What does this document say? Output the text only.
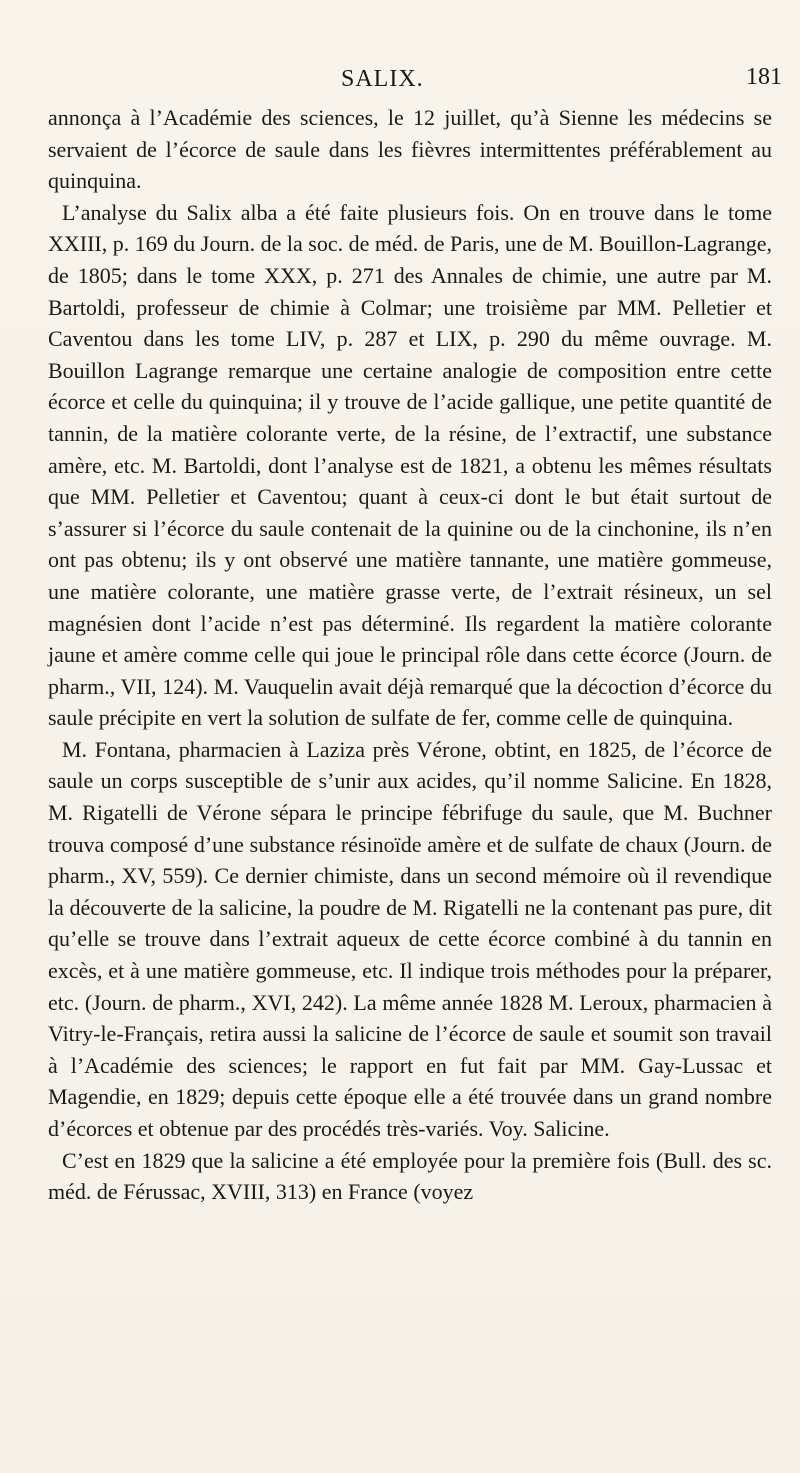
SALIX.	181

annonça à l’Académie des sciences, le 12 juillet, qu’à Sienne les médecins se servaient de l’écorce de saule dans les fièvres intermittentes préférablement au quinquina.

L’analyse du Salix alba a été faite plusieurs fois. On en trouve dans le tome XXIII, p. 169 du Journ. de la soc. de méd. de Paris, une de M. Bouillon-Lagrange, de 1805; dans le tome XXX, p. 271 des Annales de chimie, une autre par M. Bartoldi, professeur de chimie à Colmar; une troisième par MM. Pelletier et Caventou dans les tome LIV, p. 287 et LIX, p. 290 du même ouvrage. M. Bouillon Lagrange remarque une certaine analogie de composition entre cette écorce et celle du quinquina; il y trouve de l’acide gallique, une petite quantité de tannin, de la matière colorante verte, de la résine, de l’extractif, une substance amère, etc. M. Bartoldi, dont l’analyse est de 1821, a obtenu les mêmes résultats que MM. Pelletier et Caventou; quant à ceux-ci dont le but était surtout de s’assurer si l’écorce du saule contenait de la quinine ou de la cinchonine, ils n’en ont pas obtenu; ils y ont observé une matière tannante, une matière gommeuse, une matière colorante, une matière grasse verte, de l’extrait résineux, un sel magnésien dont l’acide n’est pas déterminé. Ils regardent la matière colorante jaune et amère comme celle qui joue le principal rôle dans cette écorce (Journ. de pharm., VII, 124). M. Vauquelin avait déjà remarqué que la décoction d’écorce du saule précipite en vert la solution de sulfate de fer, comme celle de quinquina.

M. Fontana, pharmacien à Laziza près Vérone, obtint, en 1825, de l’écorce de saule un corps susceptible de s’unir aux acides, qu’il nomme Salicine. En 1828, M. Rigatelli de Vérone sépara le principe fébrifuge du saule, que M. Buchner trouva composé d’une substance résinoïde amère et de sulfate de chaux (Journ. de pharm., XV, 559). Ce dernier chimiste, dans un second mémoire où il revendique la découverte de la salicine, la poudre de M. Rigatelli ne la contenant pas pure, dit qu’elle se trouve dans l’extrait aqueux de cette écorce combiné à du tannin en excès, et à une matière gommeuse, etc. Il indique trois méthodes pour la préparer, etc. (Journ. de pharm., XVI, 242). La même année 1828 M. Leroux, pharmacien à Vitry-le-Français, retira aussi la salicine de l’écorce de saule et soumit son travail à l’Académie des sciences; le rapport en fut fait par MM. Gay-Lussac et Magendie, en 1829; depuis cette époque elle a été trouvée dans un grand nombre d’écorces et obtenue par des procédés très-variés. Voy. Salicine.

C’est en 1829 que la salicine a été employée pour la première fois (Bull. des sc. méd. de Férussac, XVIII, 313) en France (voyez
